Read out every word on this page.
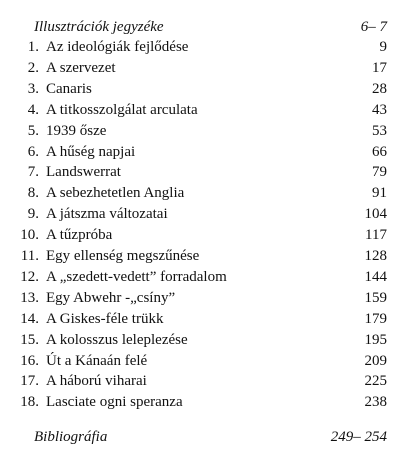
Illusztrációk jegyzéke	6– 7
1. Az ideológiák fejlődése	9
2. A szervezet	17
3. Canaris	28
4. A titkosszolgálat arculata	43
5. 1939 ősze	53
6. A hűség napjai	66
7. Landswerrat	79
8. A sebezhetetlen Anglia	91
9. A játszma változatai	104
10. A tűzpróba	117
11. Egy ellenség megszűnése	128
12. A „szedett-vedett” forradalom	144
13. Egy Abwehr -„csíny”	159
14. A Giskes-féle trükk	179
15. A kolosszus leleplezése	195
16. Út a Kánaán felé	209
17. A háború viharai	225
18. Lasciate ogni speranza	238
Bibliográfia	249– 254
